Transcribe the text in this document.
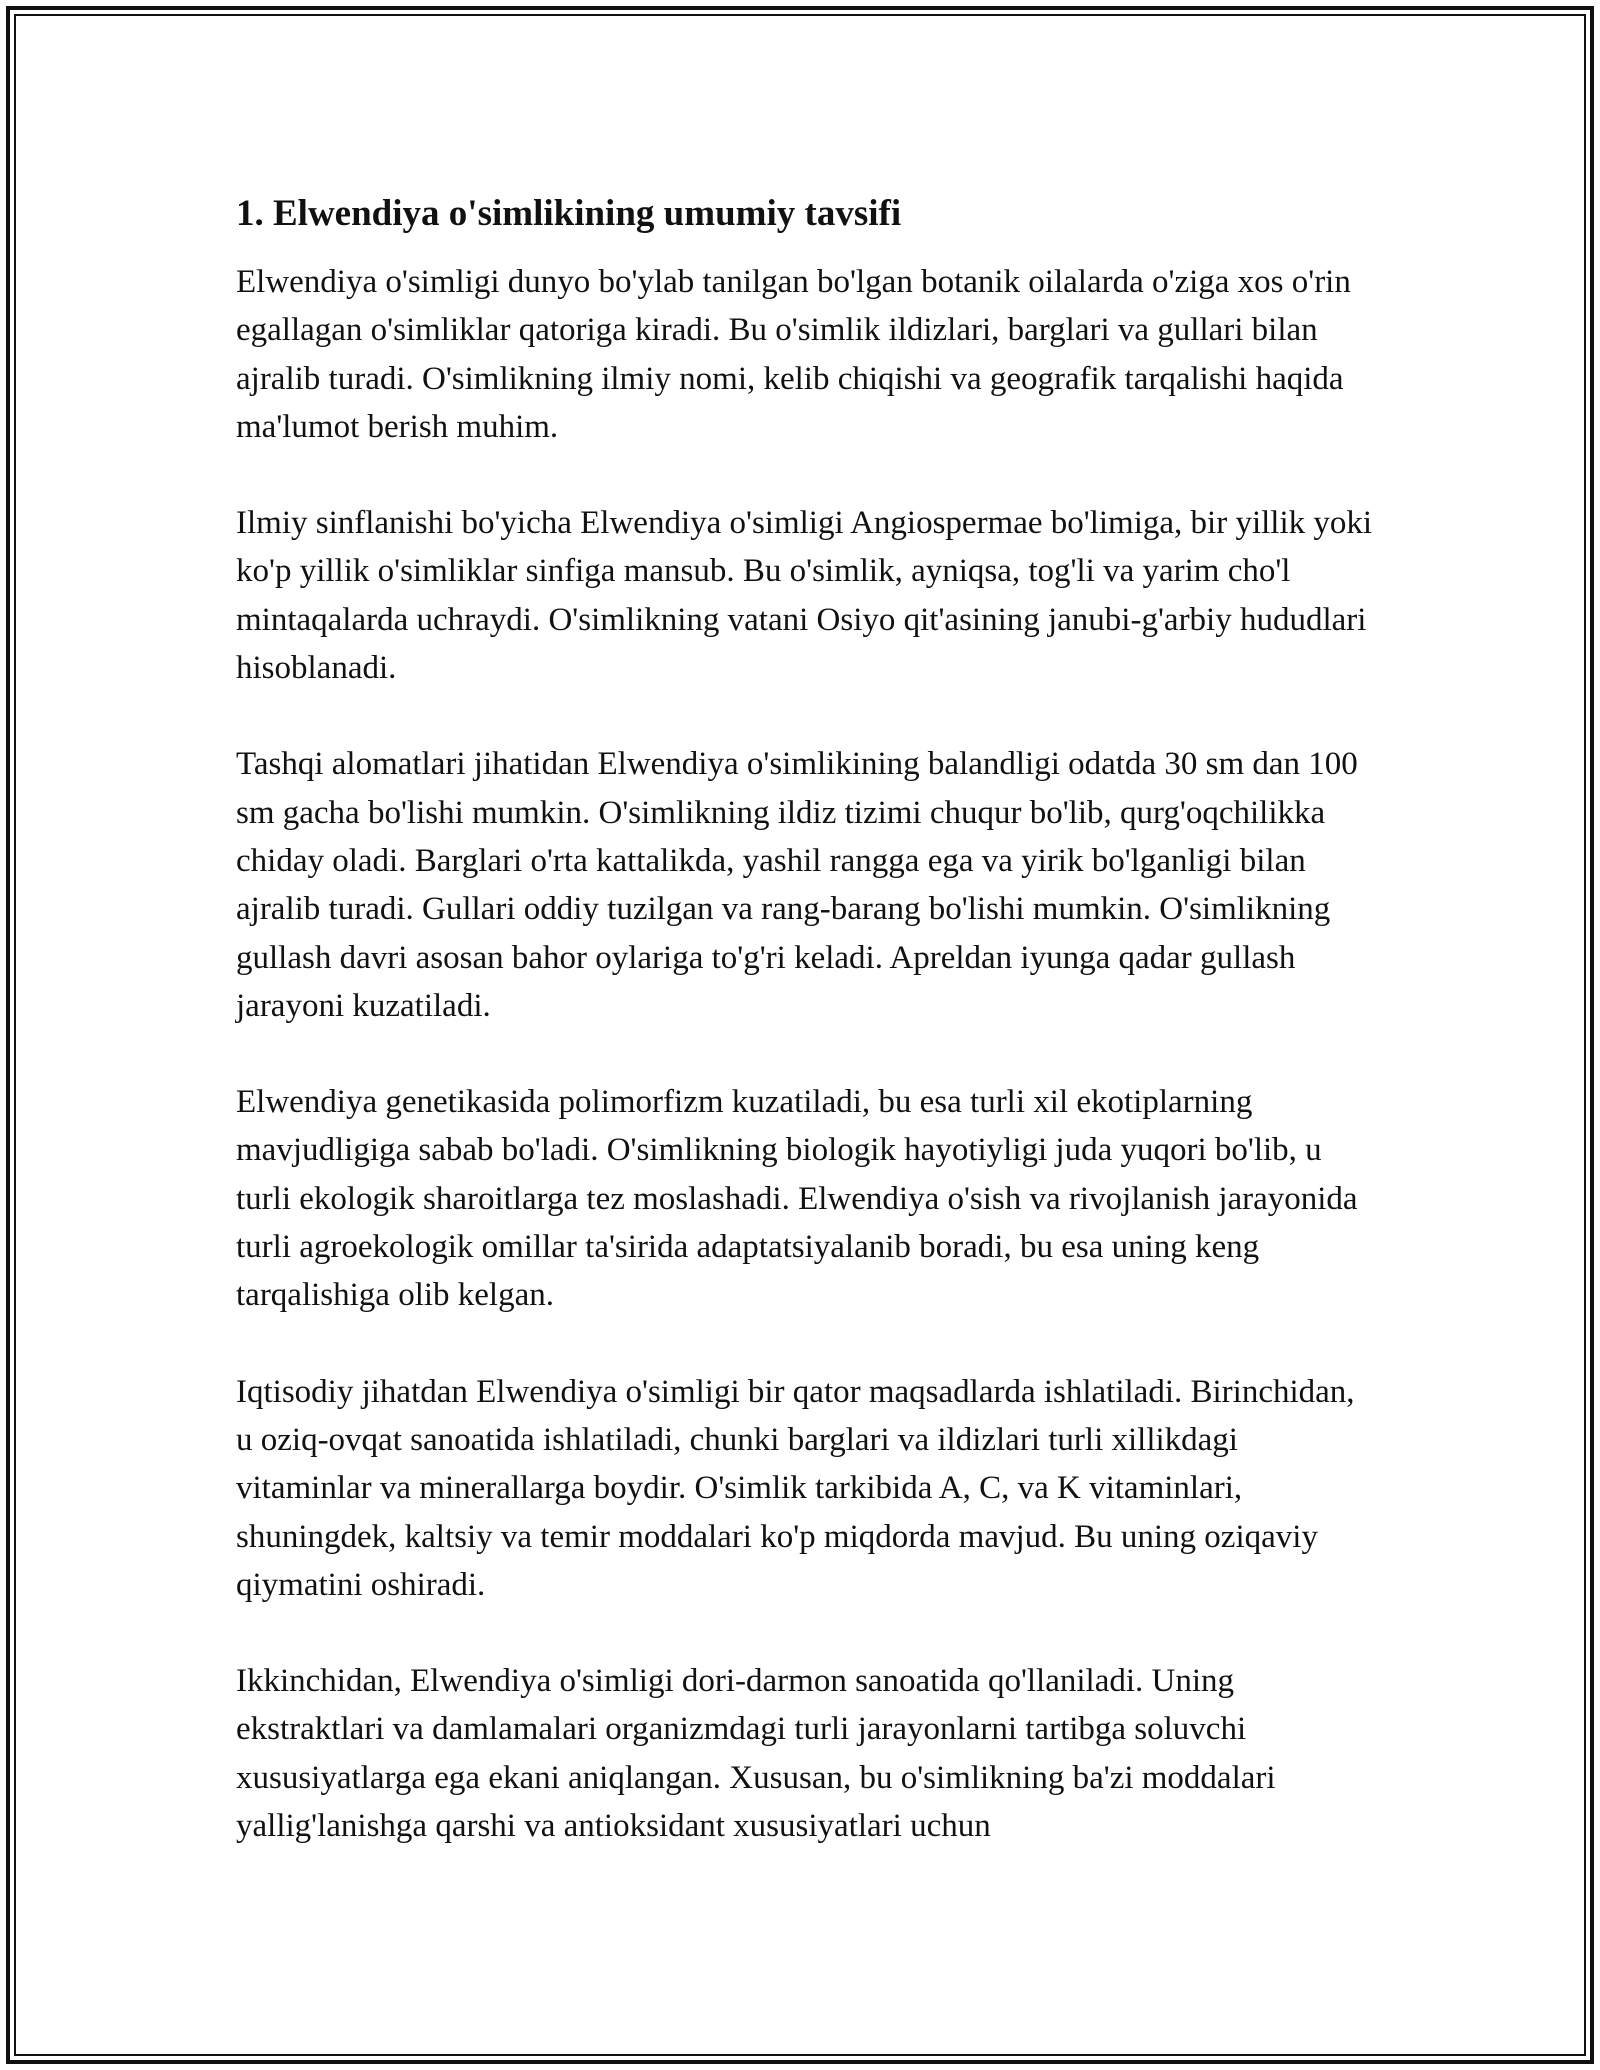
1. Elwendiya o'simlikining umumiy tavsifi

Elwendiya o'simligi dunyo bo'ylab tanilgan bo'lgan botanik oilalarda o'ziga xos o'rin egallagan o'simliklar qatoriga kiradi. Bu o'simlik ildizlari, barglari va gullari bilan ajralib turadi. O'simlikning ilmiy nomi, kelib chiqishi va geografik tarqalishi haqida ma'lumot berish muhim.

Ilmiy sinflanishi bo'yicha Elwendiya o'simligi Angiospermae bo'limiga, bir yillik yoki ko'p yillik o'simliklar sinfiga mansub. Bu o'simlik, ayniqsa, tog'li va yarim cho'l mintaqalarda uchraydi. O'simlikning vatani Osiyo qit'asining janubi-g'arbiy hududlari hisoblanadi.

Tashqi alomatlari jihatidan Elwendiya o'simlikining balandligi odatda 30 sm dan 100 sm gacha bo'lishi mumkin. O'simlikning ildiz tizimi chuqur bo'lib, qurg'oqchilikka chiday oladi. Barglari o'rta kattalikda, yashil rangga ega va yirik bo'lganligi bilan ajralib turadi. Gullari oddiy tuzilgan va rang-barang bo'lishi mumkin. O'simlikning gullash davri asosan bahor oylariga to'g'ri keladi. Apreldan iyunga qadar gullash jarayoni kuzatiladi.

Elwendiya genetikasida polimorfizm kuzatiladi, bu esa turli xil ekotiplarning mavjudligiga sabab bo'ladi. O'simlikning biologik hayotiyligi juda yuqori bo'lib, u turli ekologik sharoitlarga tez moslashadi. Elwendiya o'sish va rivojlanish jarayonida turli agroekologik omillar ta'sirida adaptatsiyalanib boradi, bu esa uning keng tarqalishiga olib kelgan.

Iqtisodiy jihatdan Elwendiya o'simligi bir qator maqsadlarda ishlatiladi. Birinchidan, u oziq-ovqat sanoatida ishlatiladi, chunki barglari va ildizlari turli xillikdagi vitaminlar va minerallarga boydir. O'simlik tarkibida A, C, va K vitaminlari, shuningdek, kaltsiy va temir moddalari ko'p miqdorda mavjud. Bu uning oziqaviy qiymatini oshiradi.

Ikkinchidan, Elwendiya o'simligi dori-darmon sanoatida qo'llaniladi. Uning ekstraktlari va damlamalari organizmdagi turli jarayonlarni tartibga soluvchi xususiyatlarga ega ekani aniqlangan. Xususan, bu o'simlikning ba'zi moddalari yallig'lanishga qarshi va antioksidant xususiyatlari uchun
